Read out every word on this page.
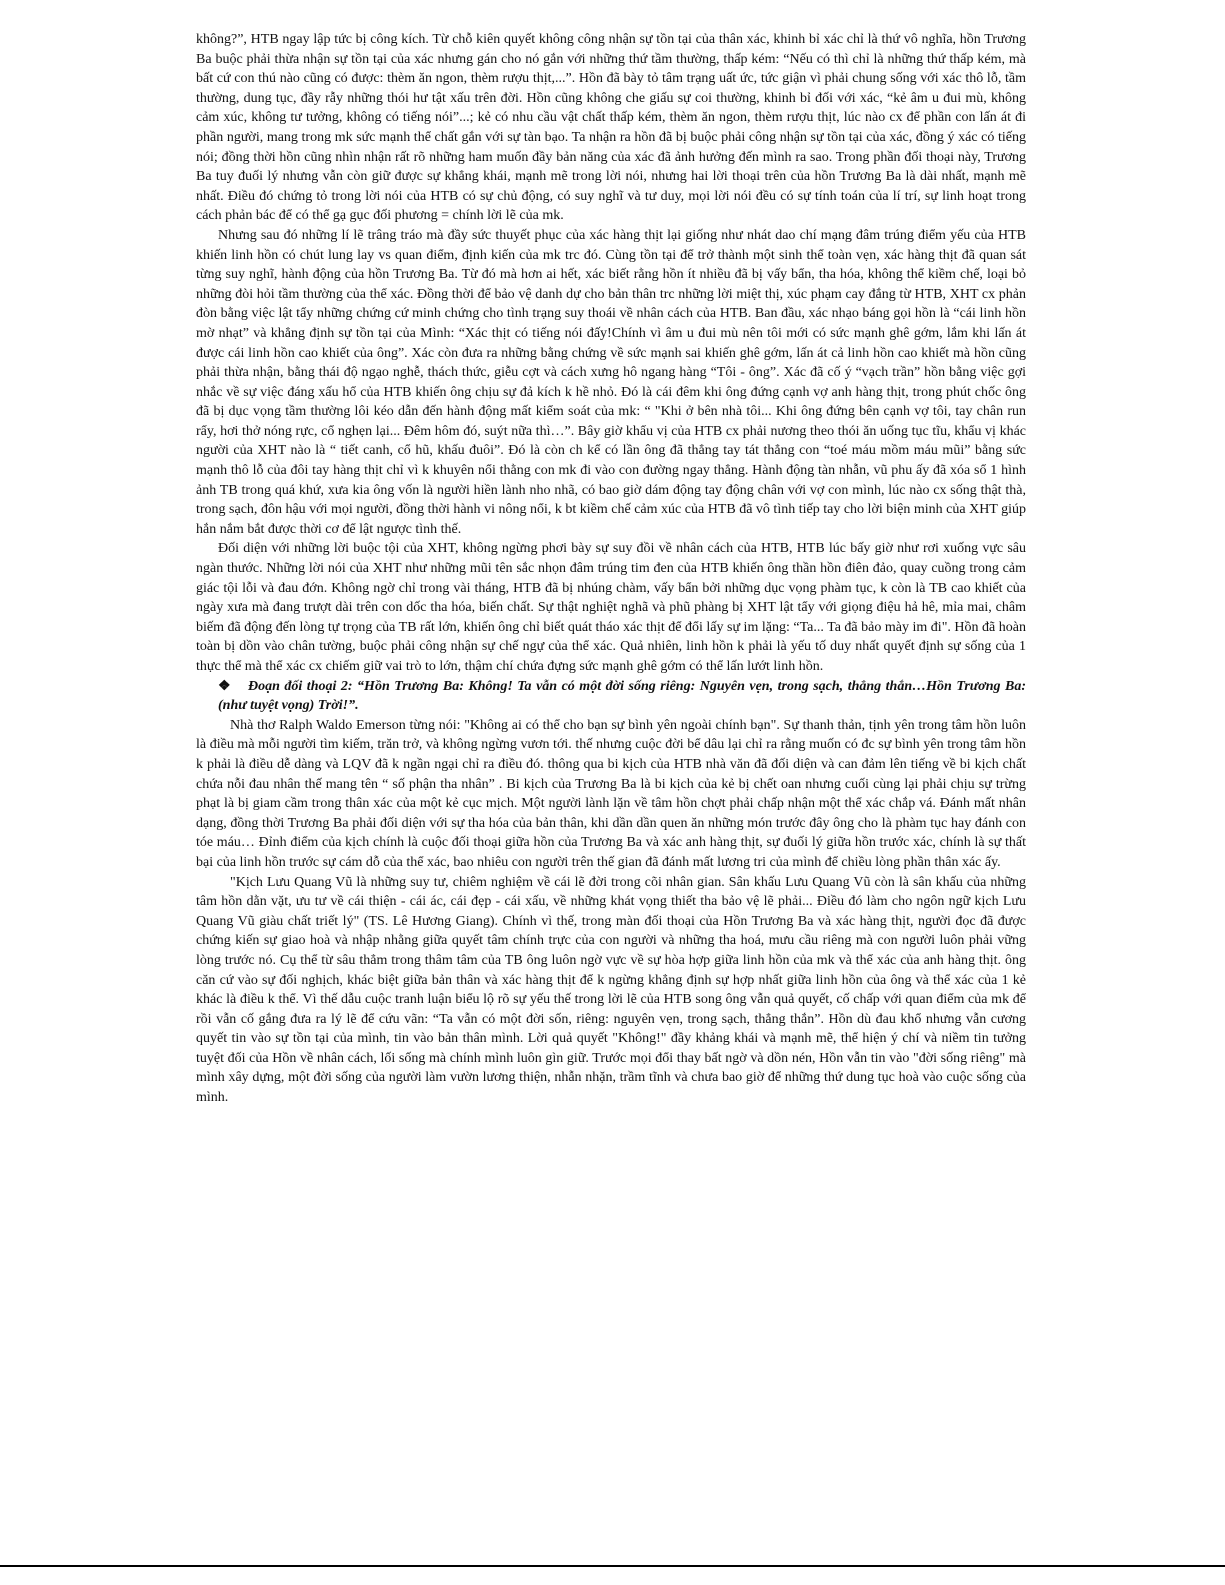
không?”, HTB ngay lập tức bị công kích. Từ chỗ kiên quyết không công nhận sự tồn tại của thân xác, khinh bỉ xác chỉ là thứ vô nghĩa, hồn Trương Ba buộc phải thừa nhận sự tồn tại của xác nhưng gán cho nó gắn với những thứ tầm thường, thấp kém: “Nếu có thì chỉ là những thứ thấp kém, mà bất cứ con thú nào cũng có được: thèm ăn ngon, thèm rượu thịt,...”. Hồn đã bày tỏ tâm trạng uất ức, tức giận vì phải chung sống với xác thô lỗ, tầm thường, dung tục, đầy rẫy những thói hư tật xấu trên đời. Hồn cũng không che giấu sự coi thường, khinh bỉ đối với xác, “kẻ âm u đui mù, không cảm xúc, không tư tưởng, không có tiếng nói”...; kẻ có nhu cầu vật chất thấp kém, thèm ăn ngon, thèm rượu thịt, lúc nào cx để phần con lấn át đi phần người, mang trong mk sức mạnh thể chất gắn với sự tàn bạo. Ta nhận ra hồn đã bị buộc phải công nhận sự tồn tại của xác, đồng ý xác có tiếng nói; đồng thời hồn cũng nhìn nhận rất rõ những ham muốn đầy bản năng của xác đã ảnh hưởng đến mình ra sao. Trong phần đối thoại này, Trương Ba tuy đuối lý nhưng vẫn còn giữ được sự khẳng khái, mạnh mẽ trong lời nói, nhưng hai lời thoại trên của hồn Trương Ba là dài nhất, mạnh mẽ nhất. Điều đó chứng tỏ trong lời nói của HTB có sự chủ động, có suy nghĩ và tư duy, mọi lời nói đều có sự tính toán của lí trí, sự linh hoạt trong cách phản bác để có thể gạ gục đối phương = chính lời lẽ của mk.

Nhưng sau đó những lí lẽ trâng tráo mà đầy sức thuyết phục của xác hàng thịt lại giống như nhát dao chí mạng đâm trúng điểm yếu của HTB khiến linh hồn có chút lung lay vs quan điểm, định kiến của mk trc đó. Cùng tồn tại để trở thành một sinh thể toàn vẹn, xác hàng thịt đã quan sát từng suy nghĩ, hành động của hồn Trương Ba. Từ đó mà hơn ai hết, xác biết rằng hồn ít nhiều đã bị vấy bẩn, tha hóa, không thể kiềm chế, loại bỏ những đòi hỏi tầm thường của thể xác. Đồng thời để bảo vệ danh dự cho bản thân trc những lời miệt thị, xúc phạm cay đắng từ HTB, XHT cx phản đòn bằng việc lật tẩy những chứng cứ minh chứng cho tình trạng suy thoái về nhân cách của HTB. Ban đầu, xác nhạo báng gọi hồn là “cái linh hồn mờ nhạt” và khẳng định sự tồn tại của Mình: “Xác thịt có tiếng nói đấy!Chính vì âm u đui mù nên tôi mới có sức mạnh ghê gớm, lắm khi lấn át được cái linh hồn cao khiết của ông”. Xác còn đưa ra những bằng chứng về sức mạnh sai khiến ghê gớm, lấn át cả linh hồn cao khiết mà hồn cũng phải thừa nhận, bằng thái độ ngạo nghễ, thách thức, giễu cợt và cách xưng hô ngang hàng “Tôi - ông”. Xác đã cố ý “vạch trần” hồn bằng việc gợi nhắc về sự việc đáng xấu hổ của HTB khiến ông chịu sự đả kích k hề nhỏ. Đó là cái đêm khi ông đứng cạnh vợ anh hàng thịt, trong phút chốc ông đã bị dục vọng tầm thường lôi kéo dẫn đến hành động mất kiểm soát của mk: “ "Khi ở bên nhà tôi... Khi ông đứng bên cạnh vợ tôi, tay chân run rẩy, hơi thở nóng rực, cổ nghẹn lại... Đêm hôm đó, suýt nữa thì…”. Bây giờ khẩu vị của HTB cx phải nương theo thói ăn uống tục tĩu, khẩu vị khác người của XHT nào là “ tiết canh, cổ hũ, khấu đuôi”. Đó là còn ch kể có lần ông đã thẳng tay tát thẳng con “toé máu mồm máu mũi” bằng sức mạnh thô lỗ của đôi tay hàng thịt chỉ vì k khuyên nổi thằng con mk đi vào con đường ngay thẳng. Hành động tàn nhẫn, vũ phu ấy đã xóa sổ 1 hình ảnh TB trong quá khứ, xưa kia ông vốn là người hiền lành nho nhã, có bao giờ dám động tay động chân với vợ con mình, lúc nào cx sống thật thà, trong sạch, đôn hậu với mọi người, đồng thời hành vi nông nổi, k bt kiềm chế cảm xúc của HTB đã vô tình tiếp tay cho lời biện minh của XHT giúp hắn nắm bắt được thời cơ để lật ngược tình thế.

Đối diện với những lời buộc tội của XHT, không ngừng phơi bày sự suy đồi về nhân cách của HTB, HTB lúc bấy giờ như rơi xuống vực sâu ngàn thước. Những lời nói của XHT như những mũi tên sắc nhọn đâm trúng tim đen của HTB khiến ông thần hồn điên đảo, quay cuồng trong cảm giác tội lỗi và đau đớn. Không ngờ chỉ trong vài tháng, HTB đã bị nhúng chàm, vấy bẩn bởi những dục vọng phàm tục, k còn là TB cao khiết của ngày xưa mà đang trượt dài trên con dốc tha hóa, biến chất. Sự thật nghiệt nghã và phũ phàng bị XHT lật tẩy với giọng điệu hả hê, mỉa mai, châm biếm đã động đến lòng tự trọng của TB rất lớn, khiến ông chỉ biết quát tháo xác thịt để đổi lấy sự im lặng: “Ta... Ta đã bảo mày im đi". Hồn đã hoàn toàn bị dồn vào chân tường, buộc phải công nhận sự chế ngự của thể xác. Quả nhiên, linh hồn k phải là yếu tố duy nhất quyết định sự sống của 1 thực thể mà thể xác cx chiếm giữ vai trò to lớn, thậm chí chứa đựng sức mạnh ghê gớm có thể lấn lướt linh hồn.

❖ Đoạn đối thoại 2: “Hồn Trương Ba: Không! Ta vẫn có một đời sống riêng: Nguyên vẹn, trong sạch, thẳng thắn…Hồn Trương Ba: (như tuyệt vọng) Trời!”.

Nhà thơ Ralph Waldo Emerson từng nói: "Không ai có thể cho bạn sự bình yên ngoài chính bạn". Sự thanh thản, tịnh yên trong tâm hồn luôn là điều mà mỗi người tìm kiếm, trăn trở, và không ngừng vươn tới. thế nhưng cuộc đời bể dâu lại chỉ ra rằng muốn có đc sự bình yên trong tâm hồn k phải là điều dễ dàng và LQV đã k ngần ngại chỉ ra điều đó. thông qua bi kịch của HTB nhà văn đã đối diện và can đảm lên tiếng về bi kịch chất chứa nỗi đau nhân thế mang tên “ số phận tha nhân” . Bi kịch của Trương Ba là bi kịch của kẻ bị chết oan nhưng cuối cùng lại phải chịu sự trừng phạt là bị giam cầm trong thân xác của một kẻ cục mịch. Một người lành lặn về tâm hồn chợt phải chấp nhận một thể xác chắp vá. Đánh mất nhân dạng, đồng thời Trương Ba phải đối diện với sự tha hóa của bản thân, khi dần dần quen ăn những món trước đây ông cho là phàm tục hay đánh con tóe máu… Đỉnh điểm của kịch chính là cuộc đối thoại giữa hồn của Trương Ba và xác anh hàng thịt, sự đuối lý giữa hồn trước xác, chính là sự thất bại của linh hồn trước sự cám dỗ của thể xác, bao nhiêu con người trên thế gian đã đánh mất lương tri của mình để chiều lòng phần thân xác ấy.

"Kịch Lưu Quang Vũ là những suy tư, chiêm nghiệm về cái lẽ đời trong cõi nhân gian. Sân khấu Lưu Quang Vũ còn là sân khấu của những tâm hồn dằn vặt, ưu tư về cái thiện - cái ác, cái đẹp - cái xấu, về những khát vọng thiết tha bảo vệ lẽ phải... Điều đó làm cho ngôn ngữ kịch Lưu Quang Vũ giàu chất triết lý" (TS. Lê Hương Giang). Chính vì thế, trong màn đối thoại của Hồn Trương Ba và xác hàng thịt, người đọc đã được chứng kiến sự giao hoà và nhập nhằng giữa quyết tâm chính trực của con người và những tha hoá, mưu cầu riêng mà con người luôn phải vững lòng trước nó. Cụ thể từ sâu thẳm trong thâm tâm của TB ông luôn ngờ vực về sự hòa hợp giữa linh hồn của mk và thể xác của anh hàng thịt. ông căn cứ vào sự đối nghịch, khác biệt giữa bản thân và xác hàng thịt để k ngừng khẳng định sự hợp nhất giữa linh hồn của ông và thể xác của 1 kẻ khác là điều k thể. Vì thế dẫu cuộc tranh luận biểu lộ rõ sự yếu thế trong lời lẽ của HTB song ông vẫn quả quyết, cố chấp với quan điểm của mk để rồi vẫn cố gắng đưa ra lý lẽ để cứu vãn: “Ta vẫn có một đời sốn, riêng: nguyên vẹn, trong sạch, thẳng thắn”. Hồn dù đau khổ nhưng vẫn cương quyết tin vào sự tồn tại của mình, tin vào bản thân mình. Lời quả quyết "Không!" đầy khảng khái và mạnh mẽ, thể hiện ý chí và niềm tin tưởng tuyệt đối của Hồn về nhân cách, lối sống mà chính mình luôn gìn giữ. Trước mọi đổi thay bất ngờ và dồn nén, Hồn vẫn tin vào "đời sống riêng" mà mình xây dựng, một đời sống của người làm vườn lương thiện, nhẫn nhặn, trầm tĩnh và chưa bao giờ để những thứ dung tục hoà vào cuộc sống của mình.
